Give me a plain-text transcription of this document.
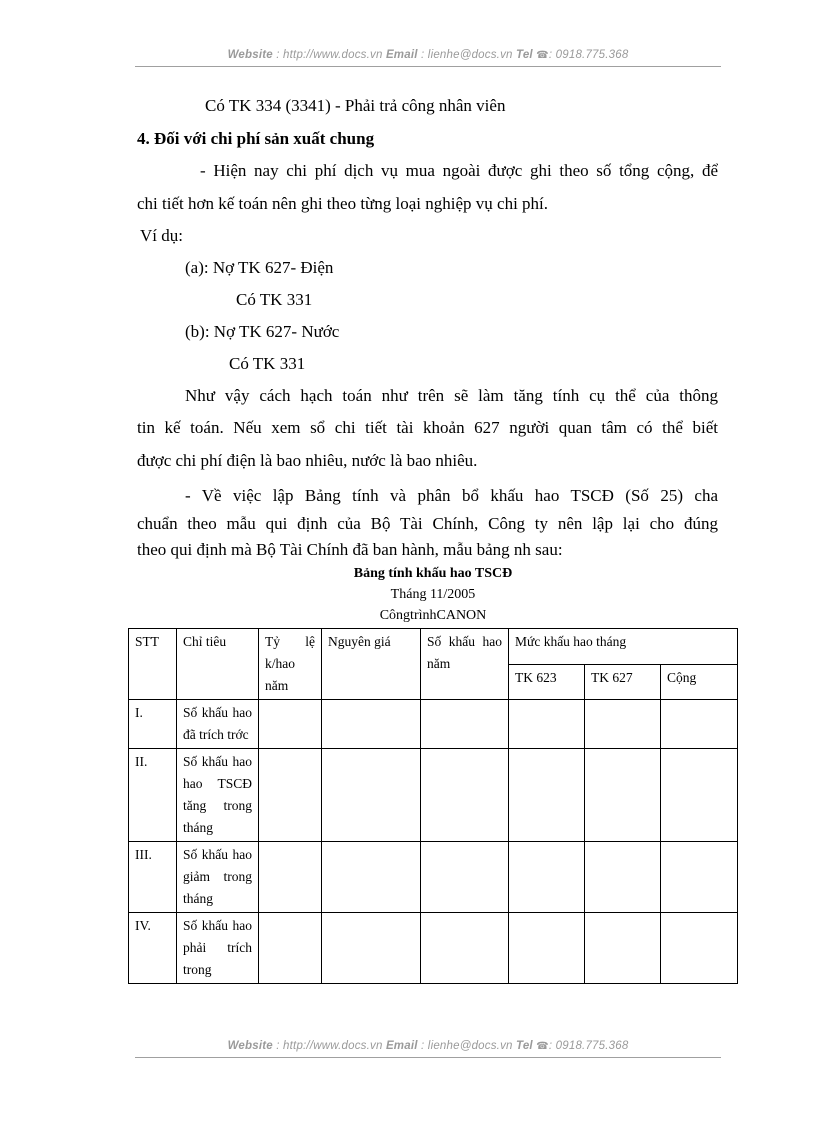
Website : http://www.docs.vn Email : lienhe@docs.vn Tel ☎: 0918.775.368
Có TK 334 (3341) - Phải trả công nhân viên
4. Đối với chi phí sản xuất chung
- Hiện nay chi phí dịch vụ mua ngoài được ghi theo số tổng cộng, để
chi tiết hơn kế toán nên ghi theo từng loại nghiệp vụ chi phí.
Ví dụ:
(a): Nợ TK 627- Điện
Có TK 331
(b): Nợ TK 627- Nước
Có TK 331
Như vậy cách hạch toán như trên sẽ làm tăng tính cụ thể của thông
tin kế toán. Nếu xem sổ chi tiết tài khoản 627 người quan tâm có thể biết
được chi phí điện là bao nhiêu, nước là bao nhiêu.
- Về việc lập Bảng tính và phân bổ khấu hao TSCĐ (Số 25) cha
chuẩn theo mẫu qui định của Bộ Tài Chính, Công ty nên lập lại cho đúng
theo qui định mà Bộ Tài Chính đã ban hành, mẫu bảng nh sau:
Bảng tính khấu hao TSCĐ
Tháng 11/2005
CôngtrìnhCANON
STT	Chỉ tiêu	Tỷ lệ k/hao năm	Nguyên giá	Số khấu hao năm	Mức khấu hao tháng		
					TK 623	TK 627	Cộng
I.	Số khấu hao đã trích trớc						
II.	Số khấu hao hao TSCĐ tăng trong tháng						
III.	Số khấu hao giảm trong tháng						
IV.	Số khấu hao phải trích trong						
Website : http://www.docs.vn Email : lienhe@docs.vn Tel ☎: 0918.775.368
